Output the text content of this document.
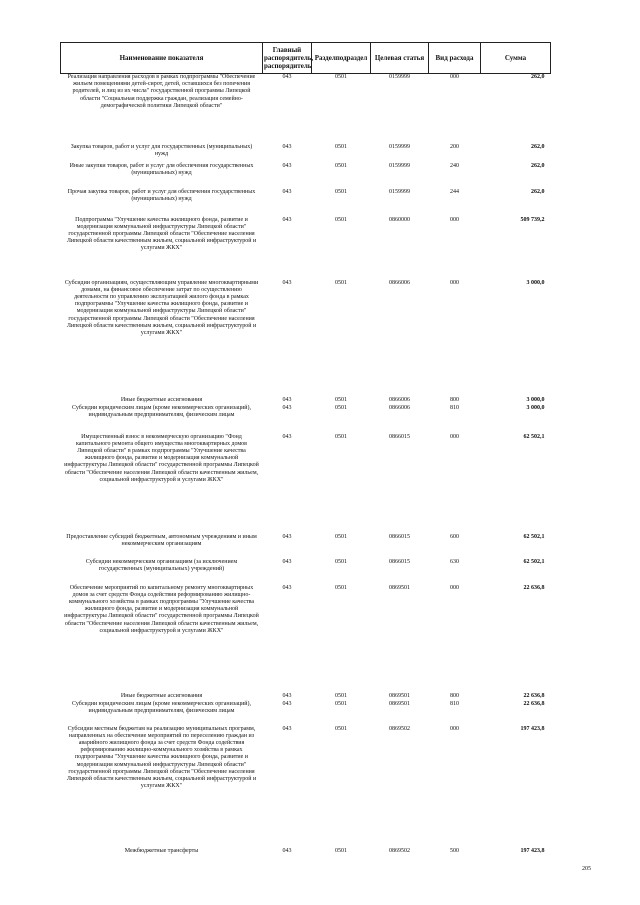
Наименование показателя	Главный распорядитель, распорядитель	Разделподраздел	Целевая статья	Вид расхода	Сумма
Реализация направления расходов в рамках подпрограммы "Обеспечение жильем помещениями детей-сирот, детей, оставшихся без попечения родителей, и лиц из их числа" государственной программы Липецкой области "Социальная поддержка граждан, реализация семейно-демографической политики Липецкой области"	043	0501	0159999	000	262,0
Закупка товаров, работ и услуг для государственных (муниципальных) нужд	043	0501	0159999	200	262,0
Иные закупки товаров, работ и услуг для обеспечения государственных (муниципальных) нужд	043	0501	0159999	240	262,0
Прочая закупка товаров, работ и услуг для обеспечения государственных (муниципальных) нужд	043	0501	0159999	244	262,0
Подпрограмма "Улучшение качества жилищного фонда, развитие и модернизация коммунальной инфраструктуры Липецкой области" государственной программы Липецкой области "Обеспечение населения Липецкой области качественным жильем, социальной инфраструктурой и услугами ЖКХ"	043	0501	0860000	000	509 739,2
Субсидии организациям, осуществляющим управление многоквартирными домами, на финансовое обеспечение затрат по осуществлению деятельности по управлению эксплуатацией жилого фонда в рамках подпрограммы "Улучшение качества жилищного фонда, развитие и модернизация коммунальной инфраструктуры Липецкой области" государственной программы Липецкой области "Обеспечение населения Липецкой области качественным жильем, социальной инфраструктурой и услугами ЖКХ"	043	0501	0866006	000	3 000,0
Иные бюджетные ассигнования	043	0501	0866006	800	3 000,0
Субсидии юридическим лицам (кроме некоммерческих организаций), индивидуальным предпринимателям, физическим лицам	043	0501	0866006	810	3 000,0
Имущественный взнос в некоммерческую организацию "Фонд капитального ремонта общего имущества многоквартирных домов Липецкой области" в рамках подпрограммы "Улучшение качества жилищного фонда, развитие и модернизация коммунальной инфраструктуры Липецкой области" государственной программы Липецкой области "Обеспечение населения Липецкой области качественным жильем, социальной инфраструктурой и услугами ЖКХ"	043	0501	0866015	000	62 502,1
Предоставление субсидий бюджетным, автономным учреждениям и иным некоммерческим организациям	043	0501	0866015	600	62 502,1
Субсидии некоммерческим организациям (за исключением государственных (муниципальных) учреждений)	043	0501	0866015	630	62 502,1
Обеспечение мероприятий по капитальному ремонту многоквартирных домов за счет средств Фонда содействия реформированию жилищно-коммунального хозяйства в рамках подпрограммы "Улучшение качества жилищного фонда, развитие и модернизация коммунальной инфраструктуры Липецкой области" государственной программы Липецкой области "Обеспечение населения Липецкой области качественным жильем, социальной инфраструктурой и услугами ЖКХ"	043	0501	0869501	000	22 636,8
Иные бюджетные ассигнования	043	0501	0869501	800	22 636,8
Субсидии юридическим лицам (кроме некоммерческих организаций), индивидуальным предпринимателям, физическим лицам	043	0501	0869501	810	22 636,8
Субсидии местным бюджетам на реализацию муниципальных программ, направленных на обеспечение мероприятий по переселению граждан из аварийного жилищного фонда за счет средств Фонда содействия реформированию жилищно-коммунального хозяйства в рамках подпрограммы "Улучшение качества жилищного фонда, развитие и модернизация коммунальной инфраструктуры Липецкой области" государственной программы Липецкой области "Обеспечение населения Липецкой области качественным жильем, социальной инфраструктурой и услугами ЖКХ"	043	0501	0869502	000	197 423,8
Межбюджетные трансферты	043	0501	0869502	500	197 423,8
205
